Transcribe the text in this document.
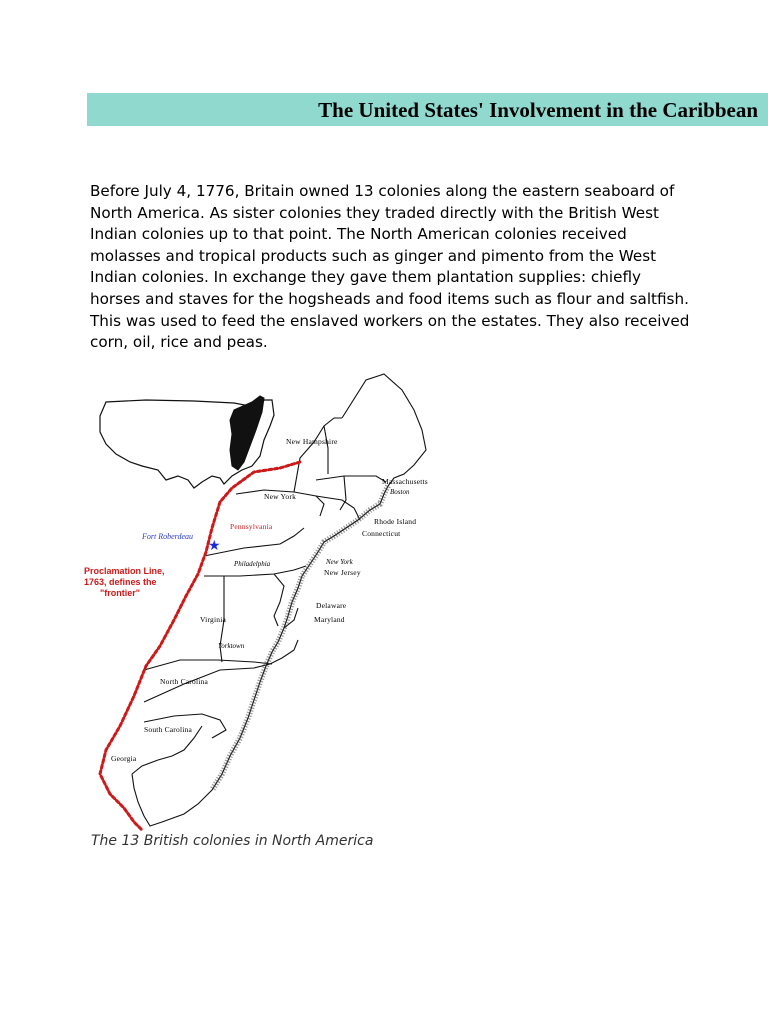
The United States' Involvement in the Caribbean

Before July 4, 1776, Britain owned 13 colonies along the eastern seaboard of North America. As sister colonies they traded directly with the British West Indian colonies up to that point. The North American colonies received molasses and tropical products such as ginger and pimento from the West Indian colonies. In exchange they gave them plantation supplies: chiefly horses and staves for the hogsheads and food items such as flour and saltfish. This was used to feed the enslaved workers on the estates. They also received corn, oil, rice and peas.

★
New Hampshire
Massachusetts
Boston
New York
Rhode Island
Connecticut
Pennsylvania
Philadelphia	New York
New Jersey
Delaware
Maryland
Virginia
Yorktown
North Carolina
South Carolina
Georgia
Fort Roberdeau
Proclamation Line,
1763, defines the
"frontier"
The 13 British colonies in North America
